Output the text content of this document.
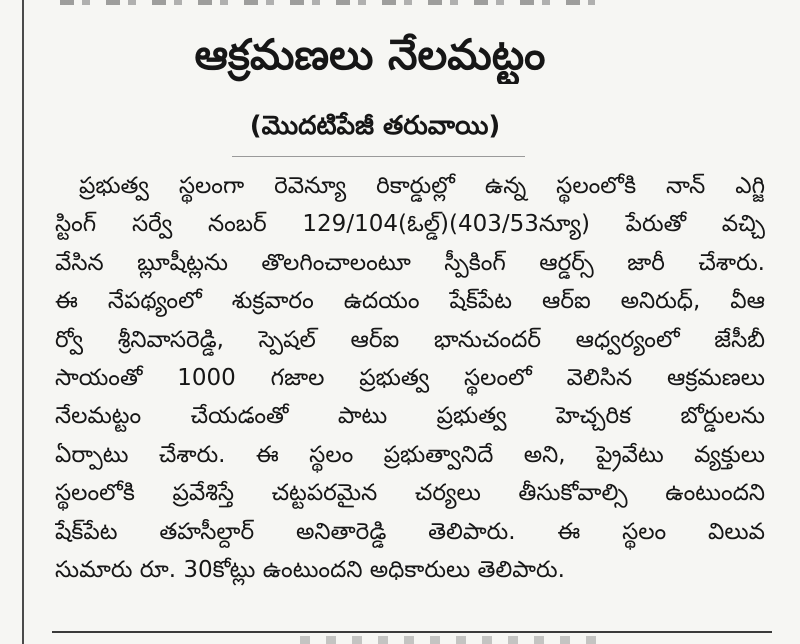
ఆక్రమణలు నేలమట్టం
(మొదటిపేజీ తరువాయి)
ప్రభుత్వ స్థలంగా రెవెన్యూ రికార్డుల్లో ఉన్న స్థలంలోకి నాన్ ఎగ్జి
స్టింగ్ సర్వే నంబర్ 129/104(ఓల్డ్)(403/53న్యూ) పేరుతో వచ్చి
వేసిన బ్లూషీట్లను తొలగించాలంటూ స్పీకింగ్ ఆర్డర్స్ జారీ చేశారు.
ఈ నేపథ్యంలో శుక్రవారం ఉదయం షేక్‌పేట ఆర్ఐ అనిరుధ్, వీఆ
ర్వో శ్రీనివాసరెడ్డి, స్పెషల్ ఆర్ఐ భానుచందర్ ఆధ్వర్యంలో జేసీబీ
సాయంతో 1000 గజాల ప్రభుత్వ స్థలంలో వెలిసిన ఆక్రమణలు
నేలమట్టం చేయడంతో పాటు ప్రభుత్వ హెచ్చరిక బోర్డులను
ఏర్పాటు చేశారు. ఈ స్థలం ప్రభుత్వానిదే అని, ప్రైవేటు వ్యక్తులు
స్థలంలోకి ప్రవేశిస్తే చట్టపరమైన చర్యలు తీసుకోవాల్సి ఉంటుందని
షేక్‌పేట తహసీల్దార్ అనితారెడ్డి తెలిపారు. ఈ స్థలం విలువ
సుమారు రూ. 30కోట్లు ఉంటుందని అధికారులు తెలిపారు.
